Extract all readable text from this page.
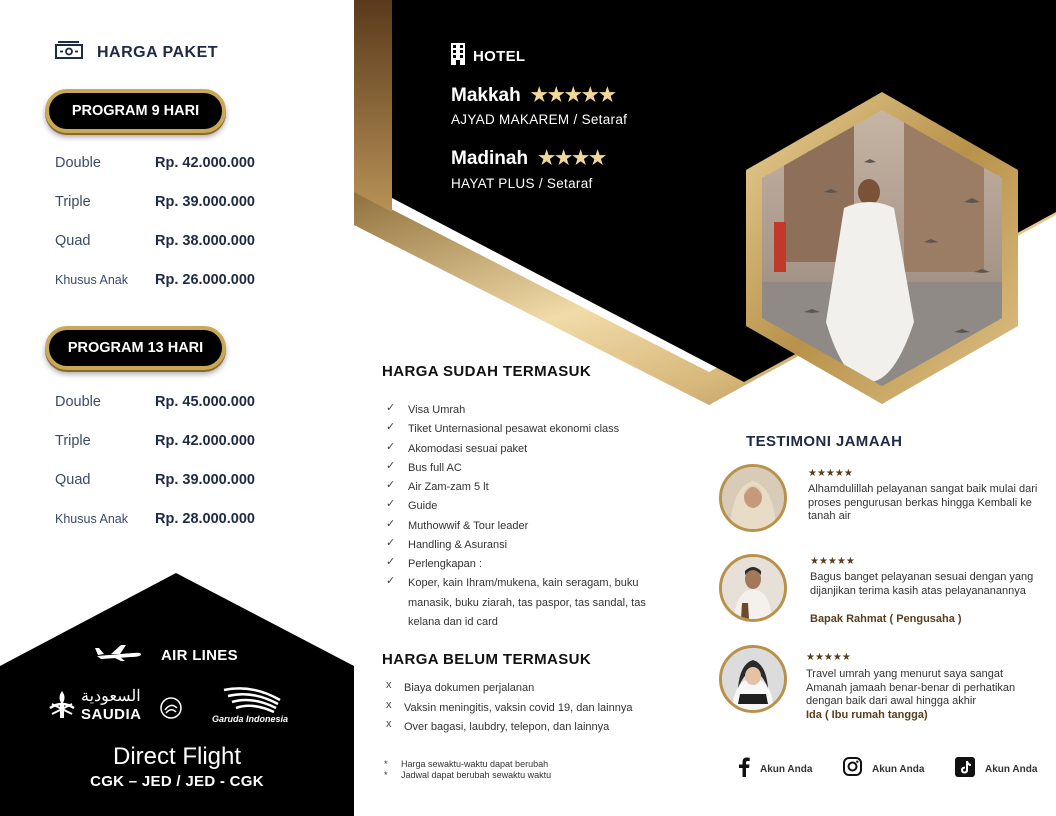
HARGA PAKET
PROGRAM 9 HARI
Double	Rp. 42.000.000
Triple	Rp. 39.000.000
Quad	Rp. 38.000.000
Khusus Anak	Rp. 26.000.000
PROGRAM 13 HARI
Double	Rp. 45.000.000
Triple	Rp. 42.000.000
Quad	Rp. 39.000.000
Khusus Anak	Rp. 28.000.000
AIR LINES
السعودية
SAUDIA	Garuda Indonesia
Direct Flight
CGK – JED / JED - CGK
HOTEL
Makkah ★★★★★
AJYAD MAKAREM / Setaraf
Madinah ★★★★
HAYAT PLUS / Setaraf
HARGA SUDAH TERMASUK
✓	Visa Umrah
✓	Tiket Unternasional pesawat ekonomi class
✓	Akomodasi sesuai paket
✓	Bus full AC
✓	Air Zam-zam 5 lt
✓	Guide
✓	Muthowwif & Tour leader
✓	Handling & Asuransi
✓	Perlengkapan :
✓	Koper, kain Ihram/mukena, kain seragam, buku manasik, buku ziarah, tas paspor, tas sandal, tas kelana dan id card
HARGA BELUM TERMASUK
x	Biaya dokumen perjalanan
x	Vaksin meningitis, vaksin covid 19, dan lainnya
x	Over bagasi, laubdry, telepon, dan lainnya
*	Harga sewaktu-waktu dapat berubah
*	Jadwal dapat berubah sewaktu waktu
TESTIMONI JAMAAH
★★★★★
Alhamdulillah pelayanan sangat baik mulai dari proses pengurusan berkas hingga Kembali ke tanah air
★★★★★
Bagus banget pelayanan sesuai dengan yang dijanjikan terima kasih atas pelayananannya
Bapak Rahmat ( Pengusaha )
★★★★★
Travel umrah yang menurut saya sangat Amanah jamaah benar-benar di perhatikan dengan baik dari awal hingga akhir
Ida ( Ibu rumah tangga)
Akun Anda	Akun Anda	Akun Anda
